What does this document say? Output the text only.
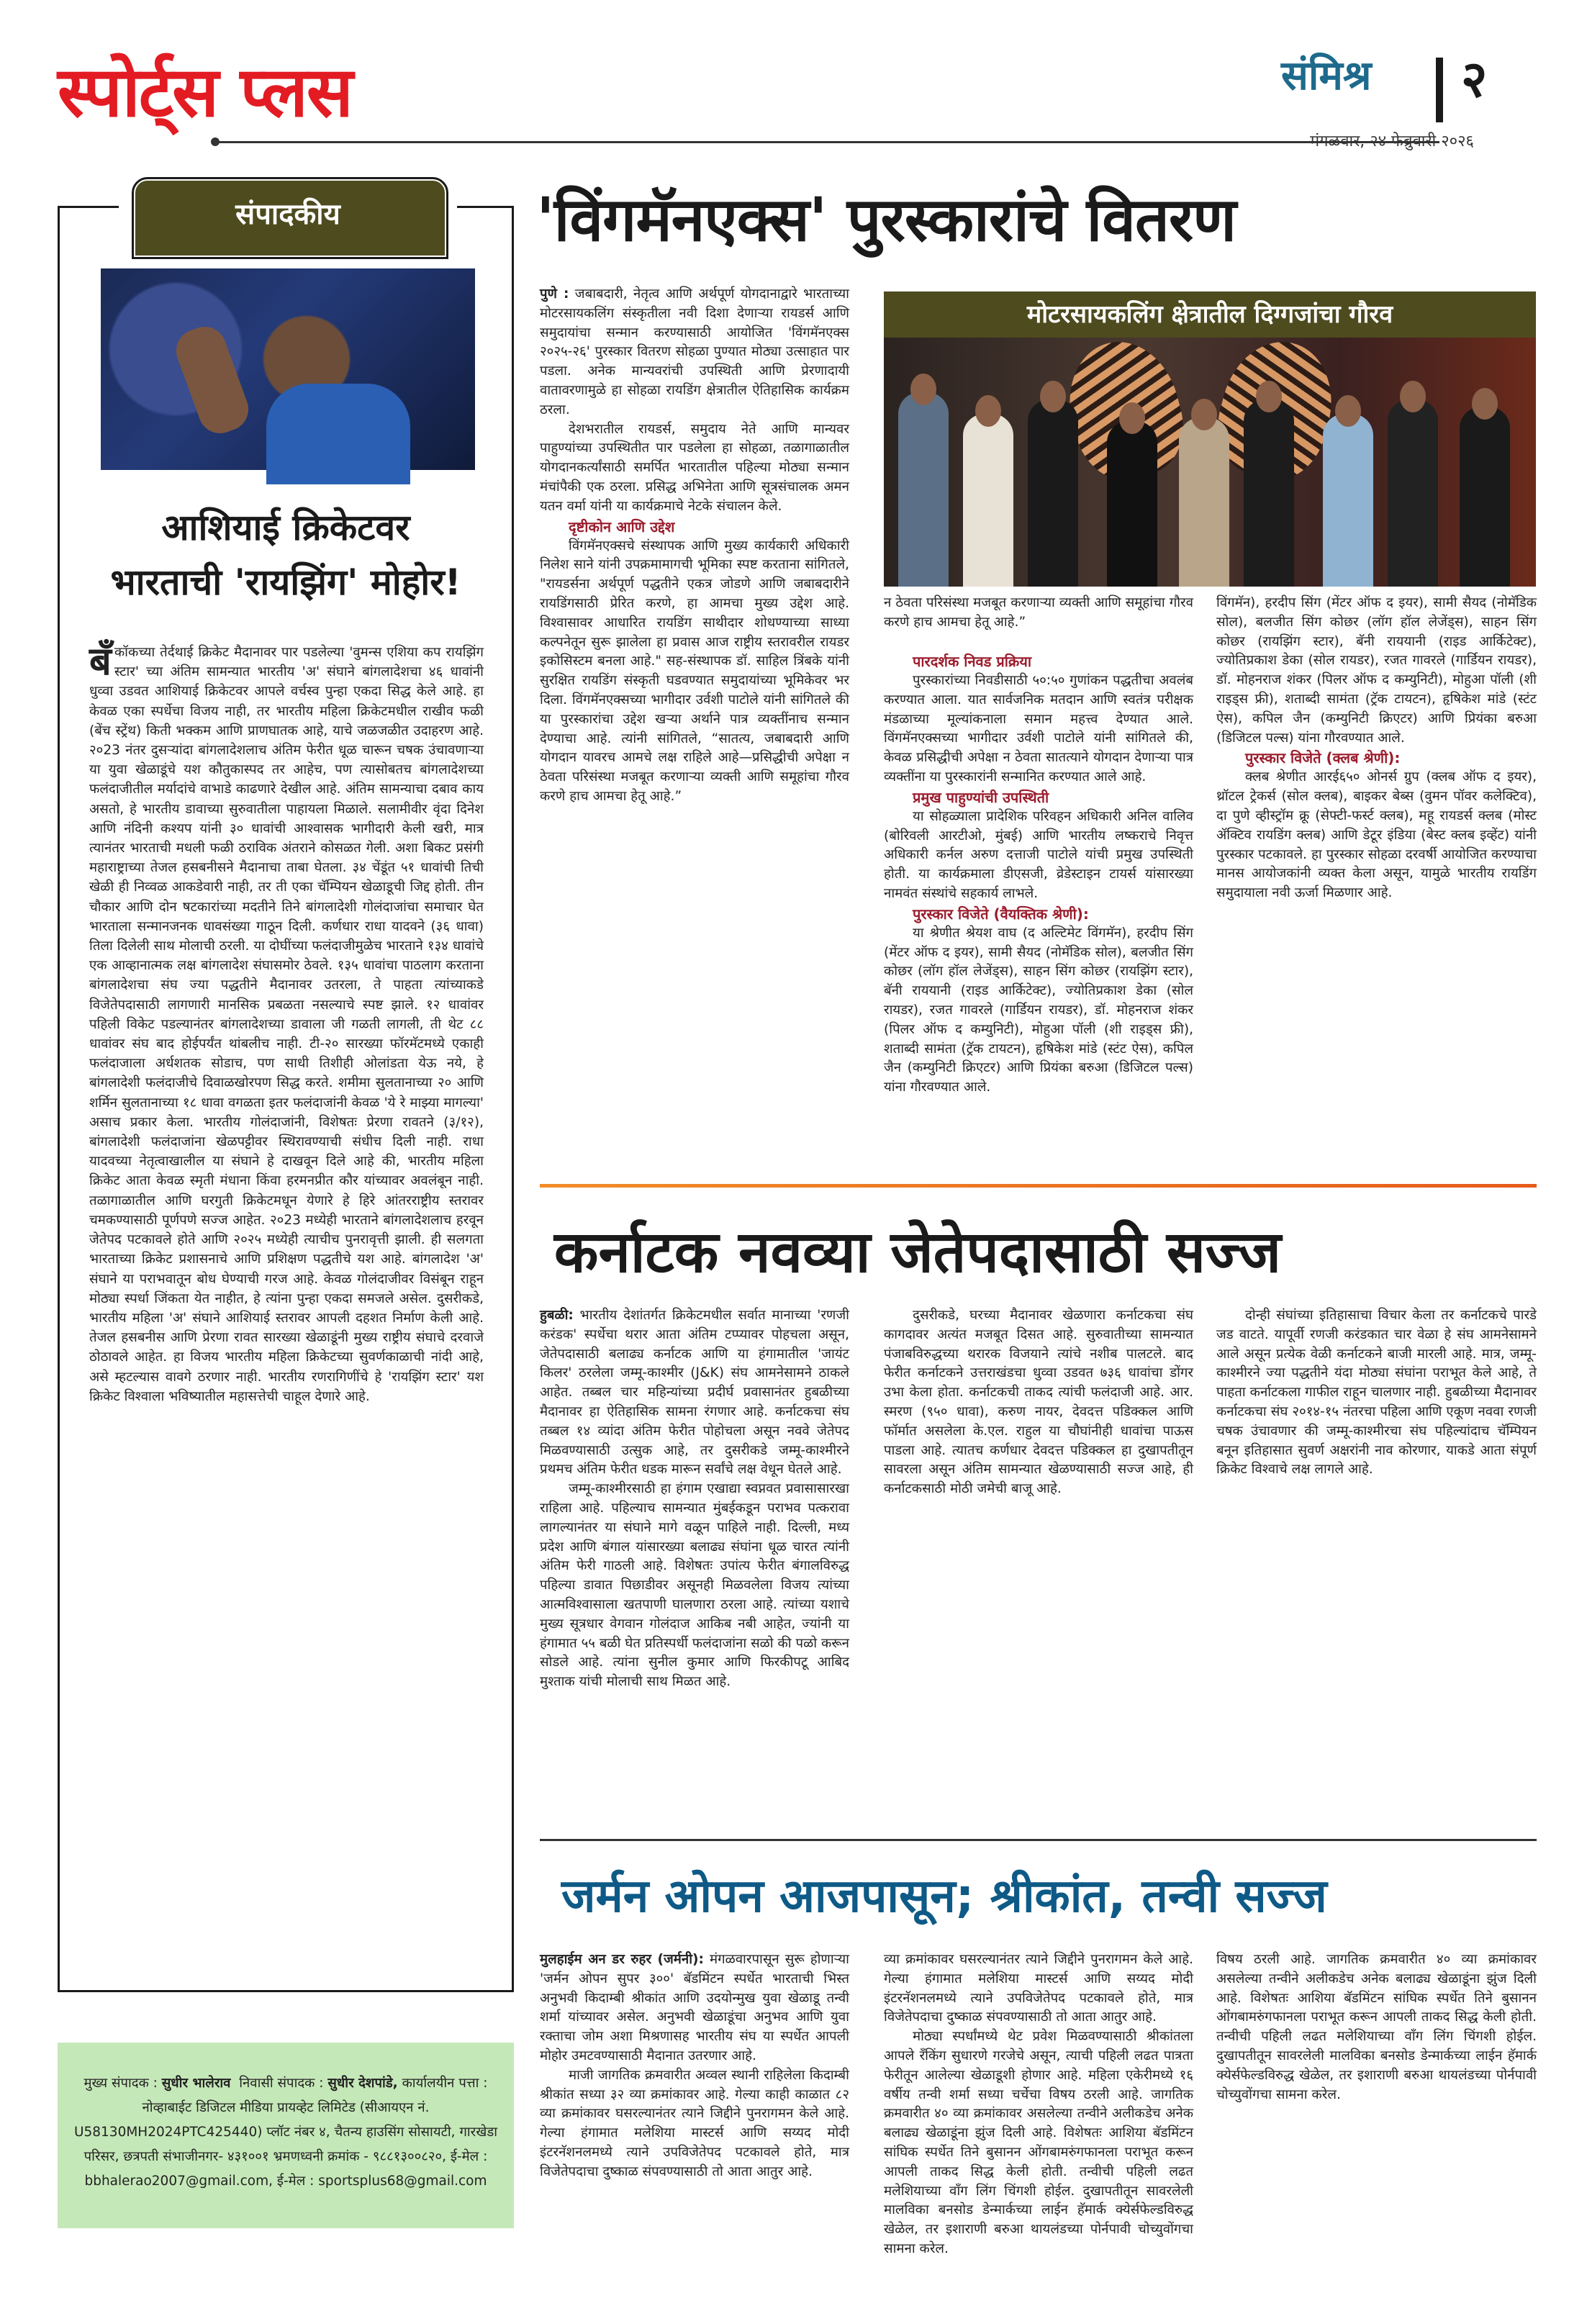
स्पोर्ट्स प्लस	संमिश्र २
मंगळवार, २४ फेब्रुवारी २०२६
संपादकीय
आशियाई क्रिकेटवर
भारताची 'रायझिंग' मोहोर!
बँकॉकच्या तेर्दथाई क्रिकेट मैदानावर पार पडलेल्या 'वुमन्स एशिया कप रायझिंग स्टार' च्या अंतिम सामन्यात भारतीय 'अ' संघाने बांगलादेशचा ४६ धावांनी धुव्वा उडवत आशियाई क्रिकेटवर आपले वर्चस्व पुन्हा एकदा सिद्ध केले आहे. हा केवळ एका स्पर्धेचा विजय नाही, तर भारतीय महिला क्रिकेटमधील राखीव फळी (बेंच स्ट्रेंथ) किती भक्कम आणि प्राणघातक आहे, याचे जळजळीत उदाहरण आहे. २०23 नंतर दुसऱ्यांदा बांगलादेशलाच अंतिम फेरीत धूळ चारून चषक उंचावणाऱ्या या युवा खेळाडूंचे यश कौतुकास्पद तर आहेच, पण त्यासोबतच बांगलादेशच्या फलंदाजीतील मर्यादांचे वाभाडे काढणारे देखील आहे. अंतिम सामन्याचा दबाव काय असतो, हे भारतीय डावाच्या सुरुवातीला पाहायला मिळाले. सलामीवीर वृंदा दिनेश आणि नंदिनी कश्यप यांनी ३० धावांची आश्वासक भागीदारी केली खरी, मात्र त्यानंतर भारताची मधली फळी ठराविक अंतराने कोसळत गेली. अशा बिकट प्रसंगी महाराष्ट्राच्या तेजल हसबनीसने मैदानाचा ताबा घेतला. ३४ चेंडूंत ५१ धावांची तिची खेळी ही निव्वळ आकडेवारी नाही, तर ती एका चॅम्पियन खेळाडूची जिद्द होती. तीन चौकार आणि दोन षटकारांच्या मदतीने तिने बांगलादेशी गोलंदाजांचा समाचार घेत भारताला सन्मानजनक धावसंख्या गाठून दिली. कर्णधार राधा यादवने (३६ धावा) तिला दिलेली साथ मोलाची ठरली. या दोघींच्या फलंदाजीमुळेच भारताने १३४ धावांचे एक आव्हानात्मक लक्ष बांगलादेश संघासमोर ठेवले. १३५ धावांचा पाठलाग करताना बांगलादेशचा संघ ज्या पद्धतीने मैदानावर उतरला, ते पाहता त्यांच्याकडे विजेतेपदासाठी लागणारी मानसिक प्रबळता नसल्याचे स्पष्ट झाले. १२ धावांवर पहिली विकेट पडल्यानंतर बांगलादेशच्या डावाला जी गळती लागली, ती थेट ८८ धावांवर संघ बाद होईपर्यंत थांबलीच नाही. टी-२० सारख्या फॉरमॅटमध्ये एकाही फलंदाजाला अर्धशतक सोडाच, पण साधी तिशीही ओलांडता येऊ नये, हे बांगलादेशी फलंदाजीचे दिवाळखोरपण सिद्ध करते. शमीमा सुलतानाच्या २० आणि शर्मिन सुलतानाच्या १८ धावा वगळता इतर फलंदाजांनी केवळ 'ये रे माझ्या मागल्या' असाच प्रकार केला. भारतीय गोलंदाजांनी, विशेषतः प्रेरणा रावतने (३/१२), बांगलादेशी फलंदाजांना खेळपट्टीवर स्थिरावण्याची संधीच दिली नाही. राधा यादवच्या नेतृत्वाखालील या संघाने हे दाखवून दिले आहे की, भारतीय महिला क्रिकेट आता केवळ स्मृती मंधाना किंवा हरमनप्रीत कौर यांच्यावर अवलंबून नाही. तळागाळातील आणि घरगुती क्रिकेटमधून येणारे हे हिरे आंतरराष्ट्रीय स्तरावर चमकण्यासाठी पूर्णपणे सज्ज आहेत. २०23 मध्येही भारताने बांगलादेशलाच हरवून जेतेपद पटकावले होते आणि २०२५ मध्येही त्याचीच पुनरावृत्ती झाली. ही सलगता भारताच्या क्रिकेट प्रशासनाचे आणि प्रशिक्षण पद्धतीचे यश आहे. बांगलादेश 'अ' संघाने या पराभवातून बोध घेण्याची गरज आहे. केवळ गोलंदाजीवर विसंबून राहून मोठ्या स्पर्धा जिंकता येत नाहीत, हे त्यांना पुन्हा एकदा समजले असेल. दुसरीकडे, भारतीय महिला 'अ' संघाने आशियाई स्तरावर आपली दहशत निर्माण केली आहे. तेजल हसबनीस आणि प्रेरणा रावत सारख्या खेळाडूंनी मुख्य राष्ट्रीय संघाचे दरवाजे ठोठावले आहेत. हा विजय भारतीय महिला क्रिकेटच्या सुवर्णकाळाची नांदी आहे, असे म्हटल्यास वावगे ठरणार नाही. भारतीय रणरागिणींचे हे 'रायझिंग स्टार' यश क्रिकेट विश्वाला भविष्यातील महासत्तेची चाहूल देणारे आहे.
मुख्य संपादक : सुधीर भालेराव निवासी संपादक : सुधीर देशपांडे, कार्यालयीन पत्ता : नोव्हाबाईट डिजिटल मीडिया प्रायव्हेट लिमिटेड (सीआयएन नं. U58130MH2024PTC425440) प्लॉट नंबर ४, चैतन्य हाउसिंग सोसायटी, गारखेडा परिसर, छत्रपती संभाजीनगर- ४३१००१ भ्रमणध्वनी क्रमांक - ९८८१३००८२०, ई-मेल : bbhalerao2007@gmail.com, ई-मेल : sportsplus68@gmail.com
'विंगमॅनएक्स' पुरस्कारांचे वितरण

पुणे : जबाबदारी, नेतृत्व आणि अर्थपूर्ण योगदानाद्वारे भारताच्या मोटरसायकलिंग संस्कृतीला नवी दिशा देणाऱ्या रायडर्स आणि समुदायांचा सन्मान करण्यासाठी आयोजित 'विंगमॅनएक्स २०२५-२६' पुरस्कार वितरण सोहळा पुण्यात मोठ्या उत्साहात पार पडला. अनेक मान्यवरांची उपस्थिती आणि प्रेरणादायी वातावरणामुळे हा सोहळा रायडिंग क्षेत्रातील ऐतिहासिक कार्यक्रम ठरला.

देशभरातील रायडर्स, समुदाय नेते आणि मान्यवर पाहुण्यांच्या उपस्थितीत पार पडलेला हा सोहळा, तळागाळातील योगदानकर्त्यांसाठी समर्पित भारतातील पहिल्या मोठ्या सन्मान मंचांपैकी एक ठरला. प्रसिद्ध अभिनेता आणि सूत्रसंचालक अमन यतन वर्मा यांनी या कार्यक्रमाचे नेटके संचालन केले.

दृष्टीकोन आणि उद्देश

विंगमॅनएक्सचे संस्थापक आणि मुख्य कार्यकारी अधिकारी निलेश साने यांनी उपक्रमामागची भूमिका स्पष्ट करताना सांगितले, "रायडर्सना अर्थपूर्ण पद्धतीने एकत्र जोडणे आणि जबाबदारीने रायडिंगसाठी प्रेरित करणे, हा आमचा मुख्य उद्देश आहे. विश्वासावर आधारित रायडिंग साथीदार शोधण्याच्या साध्या कल्पनेतून सुरू झालेला हा प्रवास आज राष्ट्रीय स्तरावरील रायडर इकोसिस्टम बनला आहे." सह-संस्थापक डॉ. साहिल त्रिंबके यांनी सुरक्षित रायडिंग संस्कृती घडवण्यात समुदायांच्या भूमिकेवर भर दिला. विंगमॅनएक्सच्या भागीदार उर्वशी पाटोले यांनी सांगितले की या पुरस्कारांचा उद्देश खऱ्या अर्थाने पात्र व्यक्तींनाच सन्मान देण्याचा आहे. त्यांनी सांगितले, “सातत्य, जबाबदारी आणि योगदान यावरच आमचे लक्ष राहिले आहे—प्रसिद्धीची अपेक्षा न ठेवता परिसंस्था मजबूत करणाऱ्या व्यक्ती आणि समूहांचा गौरव करणे हाच आमचा हेतू आहे.”

मोटरसायकलिंग क्षेत्रातील दिग्गजांचा गौरव

न ठेवता परिसंस्था मजबूत करणाऱ्या व्यक्ती आणि समूहांचा गौरव करणे हाच आमचा हेतू आहे.”

पारदर्शक निवड प्रक्रिया

पुरस्कारांच्या निवडीसाठी ५०:५० गुणांकन पद्धतीचा अवलंब करण्यात आला. यात सार्वजनिक मतदान आणि स्वतंत्र परीक्षक मंडळाच्या मूल्यांकनाला समान महत्त्व देण्यात आले. विंगमॅनएक्सच्या भागीदार उर्वशी पाटोले यांनी सांगितले की, केवळ प्रसिद्धीची अपेक्षा न ठेवता सातत्याने योगदान देणाऱ्या पात्र व्यक्तींना या पुरस्कारांनी सन्मानित करण्यात आले आहे.

प्रमुख पाहुण्यांची उपस्थिती

या सोहळ्याला प्रादेशिक परिवहन अधिकारी अनिल वालिव (बोरिवली आरटीओ, मुंबई) आणि भारतीय लष्कराचे निवृत्त अधिकारी कर्नल अरुण दत्ताजी पाटोले यांची प्रमुख उपस्थिती होती. या कार्यक्रमाला डीएसजी, व्रेडेस्टाइन टायर्स यांसारख्या नामवंत संस्थांचे सहकार्य लाभले.

पुरस्कार विजेते (वैयक्तिक श्रेणी):

या श्रेणीत श्रेयश वाघ (द अल्टिमेट विंगमॅन), हरदीप सिंग (मेंटर ऑफ द इयर), सामी सैयद (नोमॅडिक सोल), बलजीत सिंग कोछर (लॉग हॉल लेजेंड्स), साहन सिंग कोछर (रायझिंग स्टार), बॅनी राययानी (राइड आर्किटेक्ट), ज्योतिप्रकाश डेका (सोल रायडर), रजत गावरले (गार्डियन रायडर), डॉ. मोहनराज शंकर (पिलर ऑफ द कम्युनिटी), मोहुआ पॉली (शी राइड्स फ्री), शताब्दी सामंता (ट्रॅक टायटन), हृषिकेश मांडे (स्टंट ऐस), कपिल जैन (कम्युनिटी क्रिएटर) आणि प्रियंका बरुआ (डिजिटल पल्स) यांना गौरवण्यात आले.

विंगमॅन), हरदीप सिंग (मेंटर ऑफ द इयर), सामी सैयद (नोमॅडिक सोल), बलजीत सिंग कोछर (लॉग हॉल लेजेंड्स), साहन सिंग कोछर (रायझिंग स्टार), बॅनी राययानी (राइड आर्किटेक्ट), ज्योतिप्रकाश डेका (सोल रायडर), रजत गावरले (गार्डियन रायडर), डॉ. मोहनराज शंकर (पिलर ऑफ द कम्युनिटी), मोहुआ पॉली (शी राइड्स फ्री), शताब्दी सामंता (ट्रॅक टायटन), हृषिकेश मांडे (स्टंट ऐस), कपिल जैन (कम्युनिटी क्रिएटर) आणि प्रियंका बरुआ (डिजिटल पल्स) यांना गौरवण्यात आले.

पुरस्कार विजेते (क्लब श्रेणी):

क्लब श्रेणीत आरई६५० ओनर्स ग्रुप (क्लब ऑफ द इयर), थ्रॉटल ट्रेकर्स (सोल क्लब), बाइकर बेब्स (वुमन पॉवर कलेक्टिव), दा पुणे व्हीस्ट्रॉम क्रू (सेफ्टी-फर्स्ट क्लब), महू रायडर्स क्लब (मोस्ट ॲक्टिव रायडिंग क्लब) आणि डेटूर इंडिया (बेस्ट क्लब इव्हेंट) यांनी पुरस्कार पटकावले. हा पुरस्कार सोहळा दरवर्षी आयोजित करण्याचा मानस आयोजकांनी व्यक्त केला असून, यामुळे भारतीय रायडिंग समुदायाला नवी ऊर्जा मिळणार आहे.

कर्नाटक नवव्या जेतेपदासाठी सज्ज

हुबळी: भारतीय देशांतर्गत क्रिकेटमधील सर्वात मानाच्या 'रणजी करंडक' स्पर्धेचा थरार आता अंतिम टप्प्यावर पोहचला असून, जेतेपदासाठी बलाढ्य कर्नाटक आणि या हंगामातील 'जायंट किलर' ठरलेला जम्मू-काश्मीर (J&K) संघ आमनेसामने ठाकले आहेत. तब्बल चार महिन्यांच्या प्रदीर्घ प्रवासानंतर हुबळीच्या मैदानावर हा ऐतिहासिक सामना रंगणार आहे. कर्नाटकचा संघ तब्बल १४ व्यांदा अंतिम फेरीत पोहोचला असून नववे जेतेपद मिळवण्यासाठी उत्सुक आहे, तर दुसरीकडे जम्मू-काश्मीरने प्रथमच अंतिम फेरीत धडक मारून सर्वांचे लक्ष वेधून घेतले आहे.

जम्मू-काश्मीरसाठी हा हंगाम एखाद्या स्वप्नवत प्रवासासारखा राहिला आहे. पहिल्याच सामन्यात मुंबईकडून पराभव पत्करावा लागल्यानंतर या संघाने मागे वळून पाहिले नाही. दिल्ली, मध्य प्रदेश आणि बंगाल यांसारख्या बलाढ्य संघांना धूळ चारत त्यांनी अंतिम फेरी गाठली आहे. विशेषतः उपांत्य फेरीत बंगालविरुद्ध पहिल्या डावात पिछाडीवर असूनही मिळवलेला विजय त्यांच्या आत्मविश्वासाला खतपाणी घालणारा ठरला आहे. त्यांच्या यशाचे मुख्य सूत्रधार वेगवान गोलंदाज आकिब नबी आहेत, ज्यांनी या हंगामात ५५ बळी घेत प्रतिस्पर्धी फलंदाजांना सळो की पळो करून सोडले आहे. त्यांना सुनील कुमार आणि फिरकीपटू आबिद मुश्ताक यांची मोलाची साथ मिळत आहे.

दुसरीकडे, घरच्या मैदानावर खेळणारा कर्नाटकचा संघ कागदावर अत्यंत मजबूत दिसत आहे. सुरुवातीच्या सामन्यात पंजाबविरुद्धच्या थरारक विजयाने त्यांचे नशीब पालटले. बाद फेरीत कर्नाटकने उत्तराखंडचा धुव्वा उडवत ७३६ धावांचा डोंगर उभा केला होता. कर्नाटकची ताकद त्यांची फलंदाजी आहे. आर. स्मरण (९५० धावा), करुण नायर, देवदत्त पडिक्कल आणि फॉर्मात असलेला के.एल. राहुल या चौघांनीही धावांचा पाऊस पाडला आहे. त्यातच कर्णधार देवदत्त पडिक्कल हा दुखापतीतून सावरला असून अंतिम सामन्यात खेळण्यासाठी सज्ज आहे, ही कर्नाटकसाठी मोठी जमेची बाजू आहे.

दोन्ही संघांच्या इतिहासाचा विचार केला तर कर्नाटकचे पारडे जड वाटते. यापूर्वी रणजी करंडकात चार वेळा हे संघ आमनेसामने आले असून प्रत्येक वेळी कर्नाटकने बाजी मारली आहे. मात्र, जम्मू-काश्मीरने ज्या पद्धतीने यंदा मोठ्या संघांना पराभूत केले आहे, ते पाहता कर्नाटकला गाफील राहून चालणार नाही. हुबळीच्या मैदानावर कर्नाटकचा संघ २०१४-१५ नंतरचा पहिला आणि एकूण नववा रणजी चषक उंचावणार की जम्मू-काश्मीरचा संघ पहिल्यांदाच चॅम्पियन बनून इतिहासात सुवर्ण अक्षरांनी नाव कोरणार, याकडे आता संपूर्ण क्रिकेट विश्वाचे लक्ष लागले आहे.

जर्मन ओपन आजपासून; श्रीकांत, तन्वी सज्ज

मुलहाईम अन डर रुहर (जर्मनी): मंगळवारपासून सुरू होणाऱ्या 'जर्मन ओपन सुपर ३००' बॅडमिंटन स्पर्धेत भारताची भिस्त अनुभवी किदाम्बी श्रीकांत आणि उदयोन्मुख युवा खेळाडू तन्वी शर्मा यांच्यावर असेल. अनुभवी खेळाडूंचा अनुभव आणि युवा रक्ताचा जोम अशा मिश्रणासह भारतीय संघ या स्पर्धेत आपली मोहोर उमटवण्यासाठी मैदानात उतरणार आहे.

माजी जागतिक क्रमवारीत अव्वल स्थानी राहिलेला किदाम्बी श्रीकांत सध्या ३२ व्या क्रमांकावर आहे. गेल्या काही काळात ८२ व्या क्रमांकावर घसरल्यानंतर त्याने जिद्दीने पुनरागमन केले आहे. गेल्या हंगामात मलेशिया मास्टर्स आणि सय्यद मोदी इंटरनॅशनलमध्ये त्याने उपविजेतेपद पटकावले होते, मात्र विजेतेपदाचा दुष्काळ संपवण्यासाठी तो आता आतुर आहे.

व्या क्रमांकावर घसरल्यानंतर त्याने जिद्दीने पुनरागमन केले आहे. गेल्या हंगामात मलेशिया मास्टर्स आणि सय्यद मोदी इंटरनॅशनलमध्ये त्याने उपविजेतेपद पटकावले होते, मात्र विजेतेपदाचा दुष्काळ संपवण्यासाठी तो आता आतुर आहे.

मोठ्या स्पर्धांमध्ये थेट प्रवेश मिळवण्यासाठी श्रीकांतला आपले रँकिंग सुधारणे गरजेचे असून, त्याची पहिली लढत पात्रता फेरीतून आलेल्या खेळाडूशी होणार आहे. महिला एकेरीमध्ये १६ वर्षीय तन्वी शर्मा सध्या चर्चेचा विषय ठरली आहे. जागतिक क्रमवारीत ४० व्या क्रमांकावर असलेल्या तन्वीने अलीकडेच अनेक बलाढ्य खेळाडूंना झुंज दिली आहे. विशेषतः आशिया बॅडमिंटन सांघिक स्पर्धेत तिने बुसानन ओंगबामरुंगफानला पराभूत करून आपली ताकद सिद्ध केली होती. तन्वीची पहिली लढत मलेशियाच्या वाँग लिंग चिंगशी होईल. दुखापतीतून सावरलेली मालविका बनसोड डेन्मार्कच्या लाईन हॅमार्क क्येर्सफेल्डविरुद्ध खेळेल, तर इशाराणी बरुआ थायलंडच्या पोर्नपावी चोच्युवोंगचा सामना करेल.

विषय ठरली आहे. जागतिक क्रमवारीत ४० व्या क्रमांकावर असलेल्या तन्वीने अलीकडेच अनेक बलाढ्य खेळाडूंना झुंज दिली आहे. विशेषतः आशिया बॅडमिंटन सांघिक स्पर्धेत तिने बुसानन ओंगबामरुंगफानला पराभूत करून आपली ताकद सिद्ध केली होती. तन्वीची पहिली लढत मलेशियाच्या वाँग लिंग चिंगशी होईल. दुखापतीतून सावरलेली मालविका बनसोड डेन्मार्कच्या लाईन हॅमार्क क्येर्सफेल्डविरुद्ध खेळेल, तर इशाराणी बरुआ थायलंडच्या पोर्नपावी चोच्युवोंगचा सामना करेल.
